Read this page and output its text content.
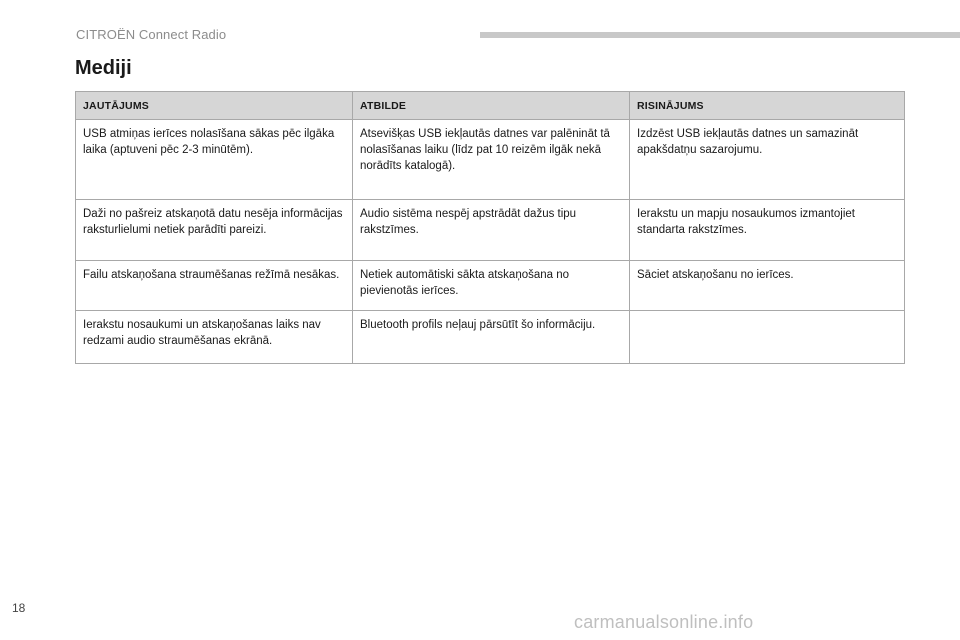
CITROËN Connect Radio
Mediji
JAUTĀJUMS	ATBILDE	RISINĀJUMS
USB atmiņas ierīces nolasīšana sākas pēc ilgāka laika (aptuveni pēc 2-3 minūtēm).	Atsevišķas USB iekļautās datnes var palēnināt tā nolasīšanas laiku (līdz pat 10 reizēm ilgāk nekā norādīts katalogā).	Izdzēst USB iekļautās datnes un samazināt apakšdatņu sazarojumu.
Daži no pašreiz atskaņotā datu nesēja informācijas raksturlielumi netiek parādīti pareizi.	Audio sistēma nespēj apstrādāt dažus tipu rakstzīmes.	Ierakstu un mapju nosaukumos izmantojiet standarta rakstzīmes.
Failu atskaņošana straumēšanas režīmā nesākas.	Netiek automātiski sākta atskaņošana no pievienotās ierīces.	Sāciet atskaņošanu no ierīces.
Ierakstu nosaukumi un atskaņošanas laiks nav redzami audio straumēšanas ekrānā.	Bluetooth profils neļauj pārsūtīt šo informāciju.	
18
carmanualsonline.info
